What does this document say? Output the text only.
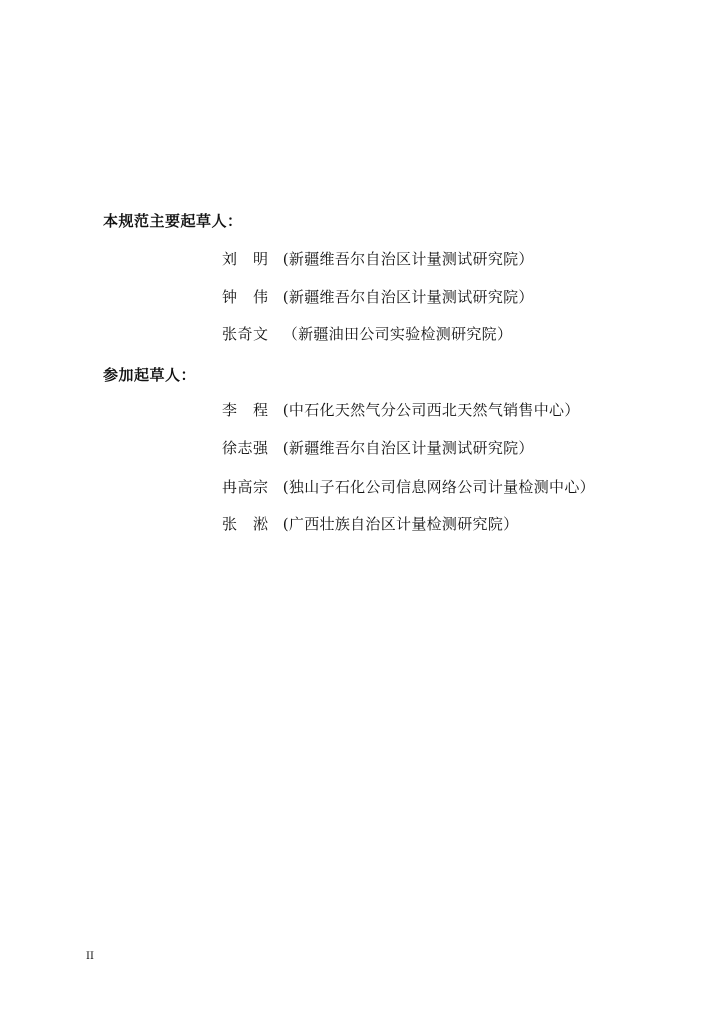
本规范主要起草人：
刘　明 (新疆维吾尔自治区计量测试研究院）
钟　伟 (新疆维吾尔自治区计量测试研究院）
张奇文 （新疆油田公司实验检测研究院）
参加起草人：
李　程 (中石化天然气分公司西北天然气销售中心）
徐志强 (新疆维吾尔自治区计量测试研究院）
冉高宗 (独山子石化公司信息网络公司计量检测中心）
张　淞 (广西壮族自治区计量检测研究院）
II
